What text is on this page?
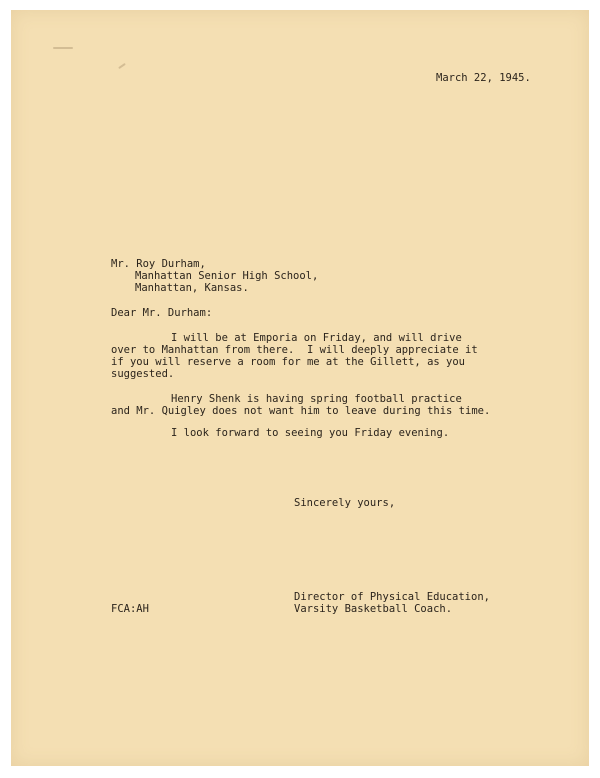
March 22, 1945.
Mr. Roy Durham,
Manhattan Senior High School,
Manhattan, Kansas.
Dear Mr. Durham:
I will be at Emporia on Friday, and will drive
over to Manhattan from there.  I will deeply appreciate it
if you will reserve a room for me at the Gillett, as you
suggested.
Henry Shenk is having spring football practice
and Mr. Quigley does not want him to leave during this time.
I look forward to seeing you Friday evening.
Sincerely yours,
Director of Physical Education,
Varsity Basketball Coach.
FCA:AH
